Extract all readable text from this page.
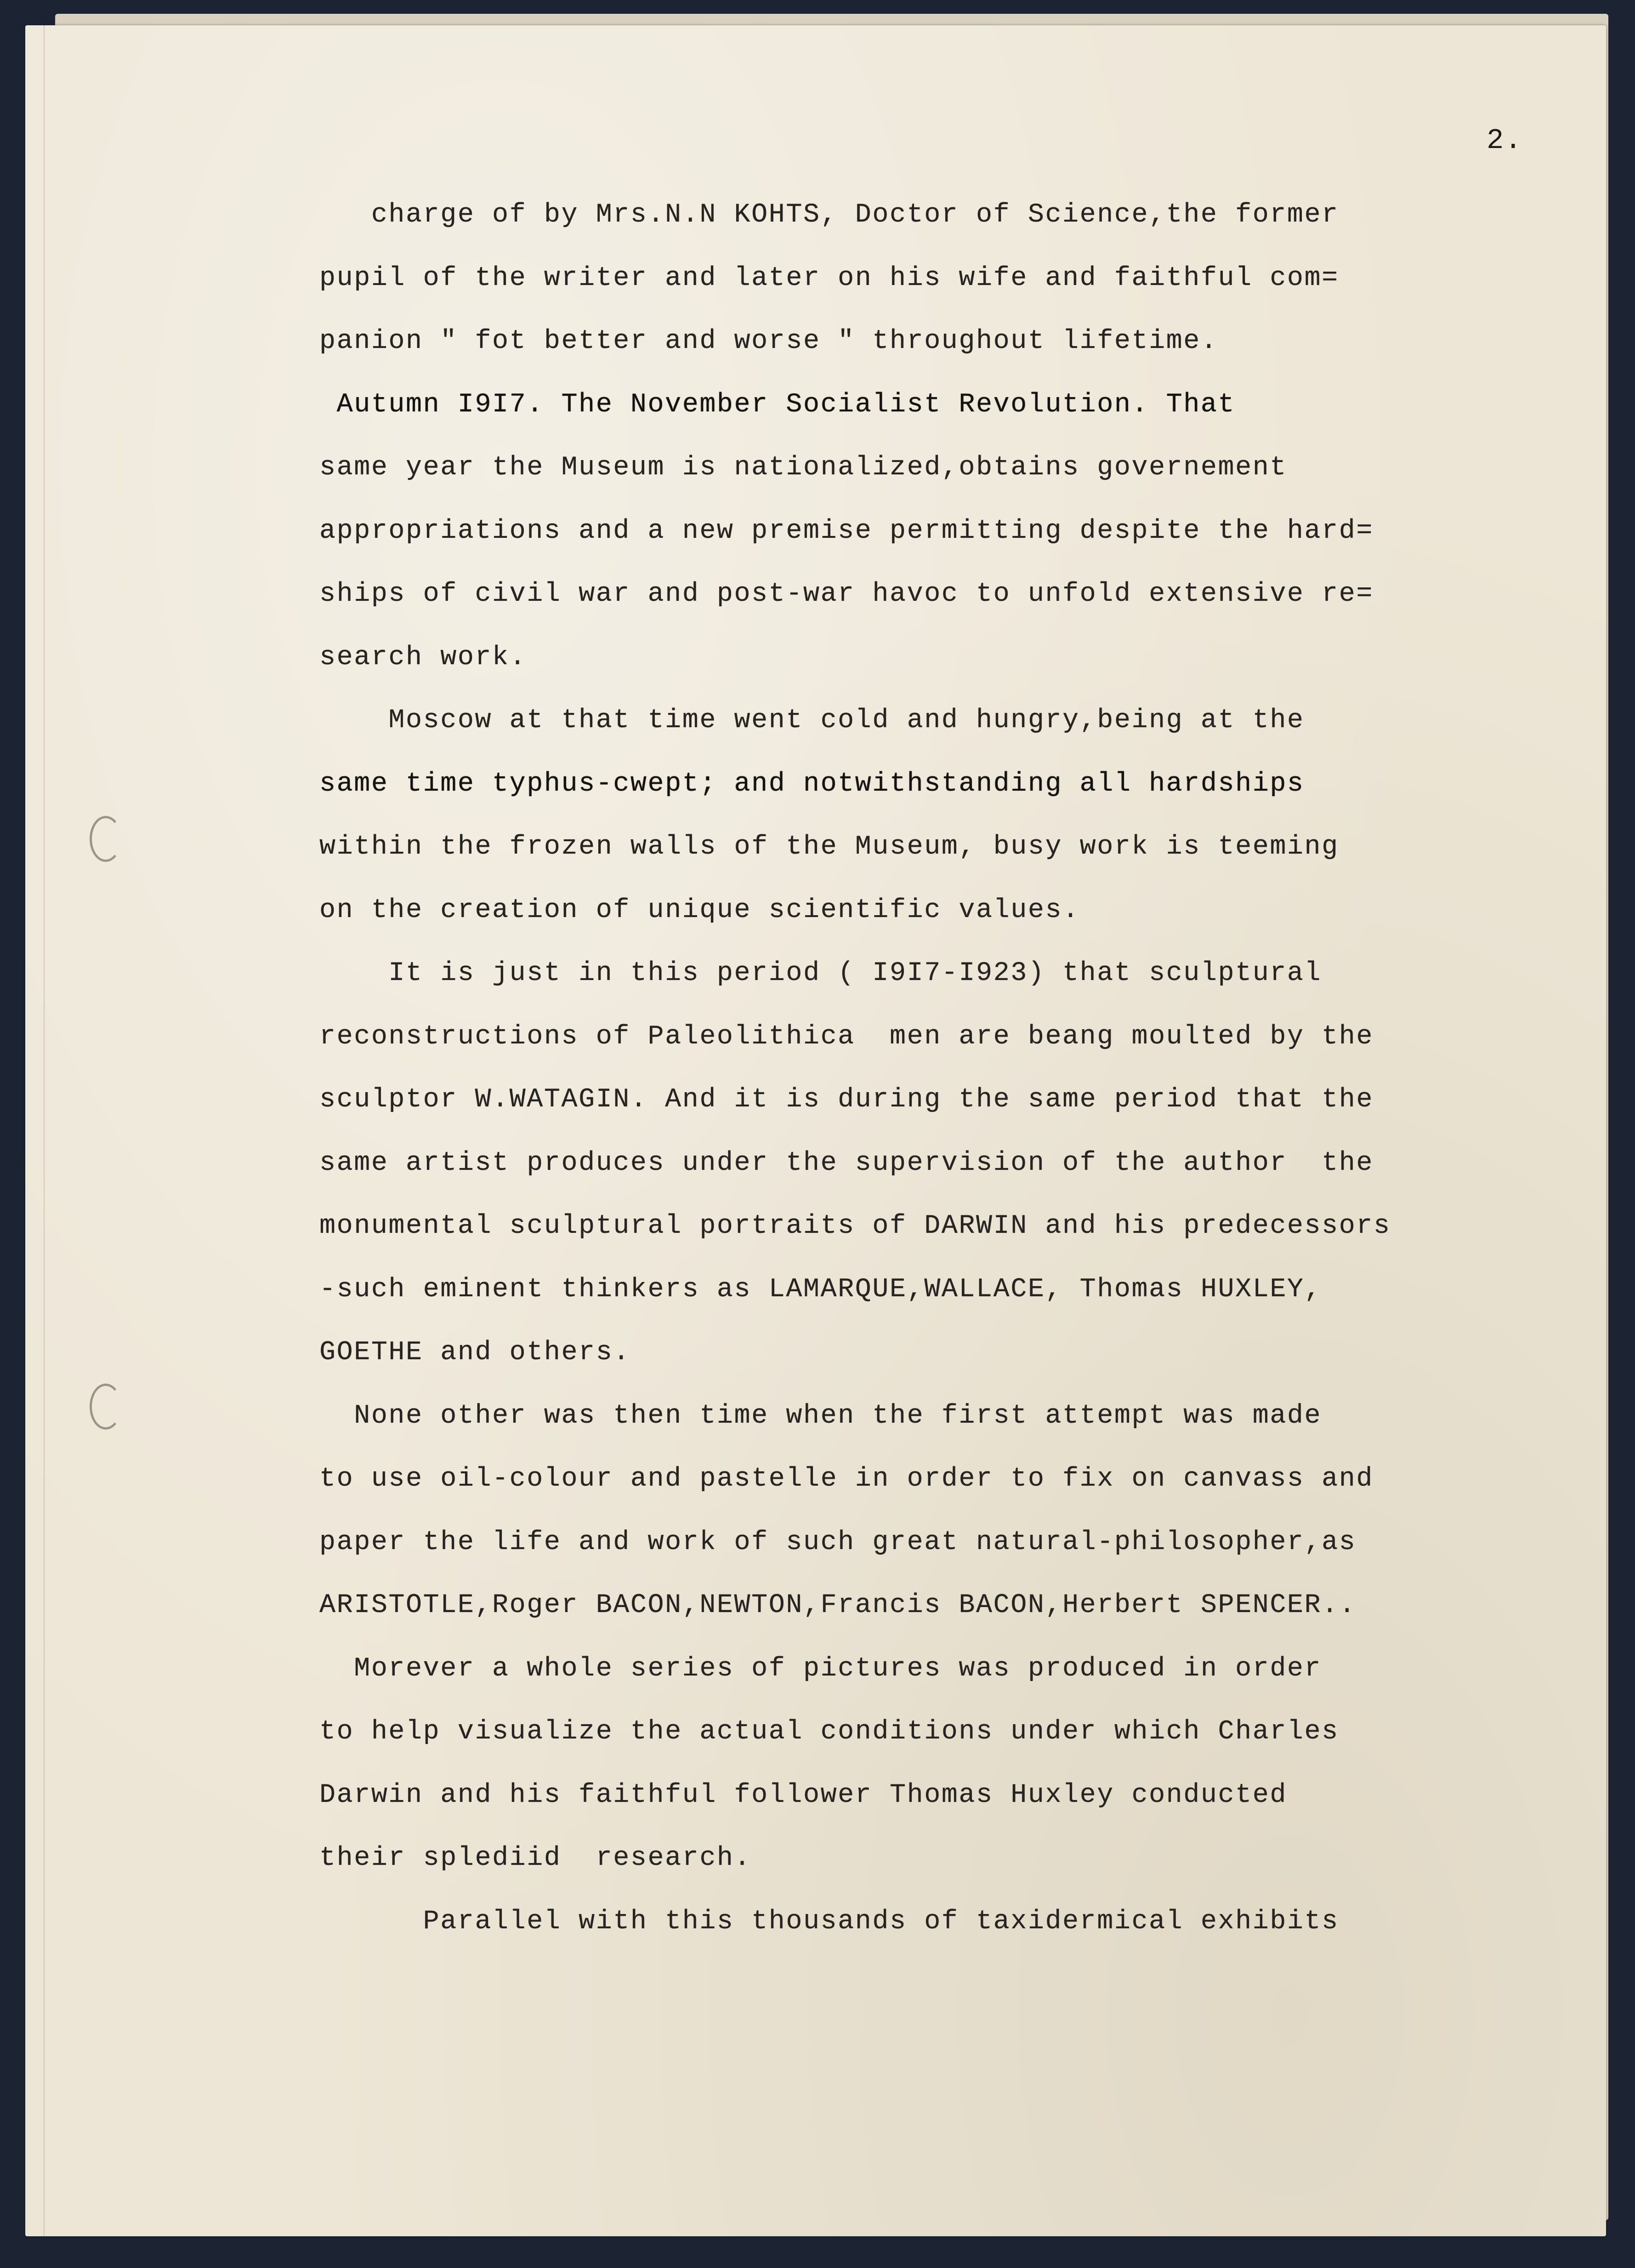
2.
charge of by Mrs.N.N KOHTS, Doctor of Science,the former
pupil of the writer and later on his wife and faithful com=
panion " fot better and worse " throughout lifetime.
Autumn I9I7. The November Socialist Revolution. That
same year the Museum is nationalized,obtains governement
appropriations and a new premise permitting despite the hard=
ships of civil war and post-war havoc to unfold extensive re=
search work.
Moscow at that time went cold and hungry,being at the
same time typhus-cwept; and notwithstanding all hardships
within the frozen walls of the Museum, busy work is teeming
on the creation of unique scientific values.
It is just in this period ( I9I7-I923) that sculptural
reconstructions of Paleolithica  men are beang moulted by the
sculptor W.WATAGIN. And it is during the same period that the
same artist produces under the supervision of the author  the
monumental sculptural portraits of DARWIN and his predecessors
-such eminent thinkers as LAMARQUE,WALLACE, Thomas HUXLEY,
GOETHE and others.
None other was then time when the first attempt was made
to use oil-colour and pastelle in order to fix on canvass and
paper the life and work of such great natural-philosopher,as
ARISTOTLE,Roger BACON,NEWTON,Francis BACON,Herbert SPENCER..
Morever a whole series of pictures was produced in order
to help visualize the actual conditions under which Charles
Darwin and his faithful follower Thomas Huxley conducted
their splediid  research.
Parallel with this thousands of taxidermical exhibits
